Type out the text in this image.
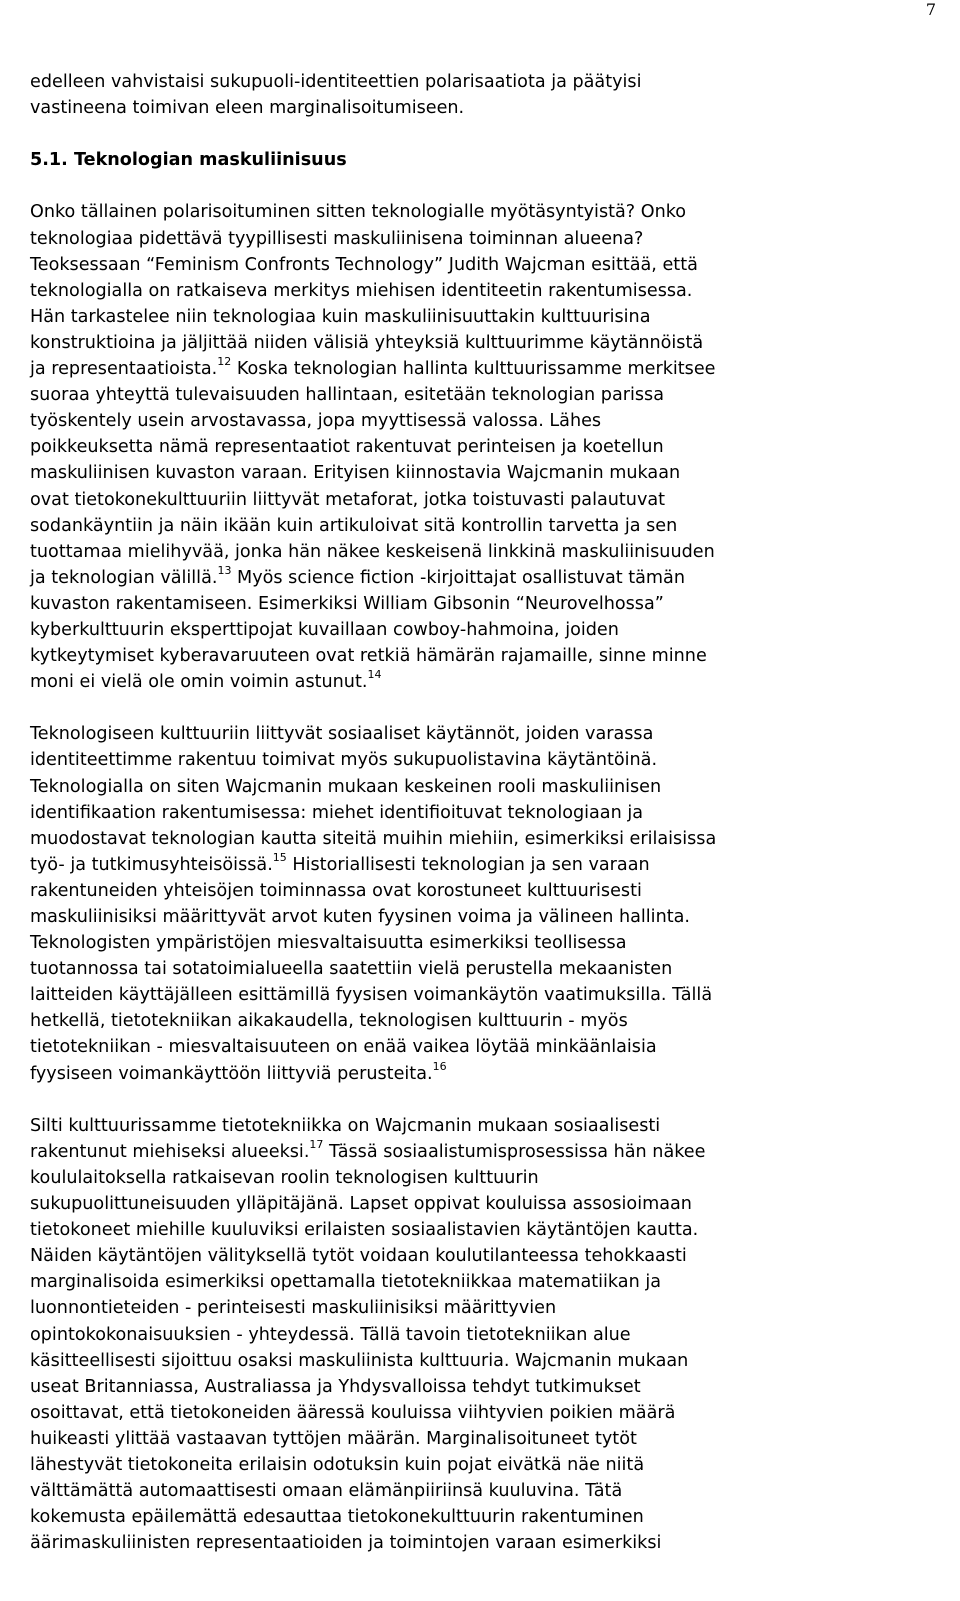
7
edelleen vahvistaisi sukupuoli-identiteettien polarisaatiota ja päätyisi
vastineena toimivan eleen marginalisoitumiseen.
5.1. Teknologian maskuliinisuus
Onko tällainen polarisoituminen sitten teknologialle myötäsyntyistä? Onko
teknologiaa pidettävä tyypillisesti maskuliinisena toiminnan alueena?
Teoksessaan “Feminism Confronts Technology” Judith Wajcman esittää, että
teknologialla on ratkaiseva merkitys miehisen identiteetin rakentumisessa.
Hän tarkastelee niin teknologiaa kuin maskuliinisuuttakin kulttuurisina
konstruktioina ja jäljittää niiden välisiä yhteyksiä kulttuurimme käytännöistä
ja representaatioista.$^{12}$ Koska teknologian hallinta kulttuurissamme merkitsee
suoraa yhteyttä tulevaisuuden hallintaan, esitetään teknologian parissa
työskentely usein arvostavassa, jopa myyttisessä valossa. Lähes
poikkeuksetta nämä representaatiot rakentuvat perinteisen ja koetellun
maskuliinisen kuvaston varaan. Erityisen kiinnostavia Wajcmanin mukaan
ovat tietokonekulttuuriin liittyvät metaforat, jotka toistuvasti palautuvat
sodankäyntiin ja näin ikään kuin artikuloivat sitä kontrollin tarvetta ja sen
tuottamaa mielihyvää, jonka hän näkee keskeisenä linkkinä maskuliinisuuden
ja teknologian välillä.$^{13}$ Myös science fiction -kirjoittajat osallistuvat tämän
kuvaston rakentamiseen. Esimerkiksi William Gibsonin “Neurovelhossa”
kyberkulttuurin eksperttipojat kuvaillaan cowboy-hahmoina, joiden
kytkeytymiset kyberavaruuteen ovat retkiä hämärän rajamaille, sinne minne
moni ei vielä ole omin voimin astunut.$^{14}$
Teknologiseen kulttuuriin liittyvät sosiaaliset käytännöt, joiden varassa
identiteettimme rakentuu toimivat myös sukupuolistavina käytäntöinä.
Teknologialla on siten Wajcmanin mukaan keskeinen rooli maskuliinisen
identifikaation rakentumisessa: miehet identifioituvat teknologiaan ja
muodostavat teknologian kautta siteitä muihin miehiin, esimerkiksi erilaisissa
työ- ja tutkimusyhteisöissä.$^{15}$ Historiallisesti teknologian ja sen varaan
rakentuneiden yhteisöjen toiminnassa ovat korostuneet kulttuurisesti
maskuliinisiksi määrittyvät arvot kuten fyysinen voima ja välineen hallinta.
Teknologisten ympäristöjen miesvaltaisuutta esimerkiksi teollisessa
tuotannossa tai sotatoimialueella saatettiin vielä perustella mekaanisten
laitteiden käyttäjälleen esittämillä fyysisen voimankäytön vaatimuksilla. Tällä
hetkellä, tietotekniikan aikakaudella, teknologisen kulttuurin - myös
tietotekniikan - miesvaltaisuuteen on enää vaikea löytää minkäänlaisia
fyysiseen voimankäyttöön liittyviä perusteita.$^{16}$
Silti kulttuurissamme tietotekniikka on Wajcmanin mukaan sosiaalisesti
rakentunut miehiseksi alueeksi.$^{17}$ Tässä sosiaalistumisprosessissa hän näkee
koululaitoksella ratkaisevan roolin teknologisen kulttuurin
sukupuolittuneisuuden ylläpitäjänä. Lapset oppivat kouluissa assosioimaan
tietokoneet miehille kuuluviksi erilaisten sosiaalistavien käytäntöjen kautta.
Näiden käytäntöjen välityksellä tytöt voidaan koulutilanteessa tehokkaasti
marginalisoida esimerkiksi opettamalla tietotekniikkaa matematiikan ja
luonnontieteiden - perinteisesti maskuliinisiksi määrittyvien
opintokokonaisuuksien - yhteydessä. Tällä tavoin tietotekniikan alue
käsitteellisesti sijoittuu osaksi maskuliinista kulttuuria. Wajcmanin mukaan
useat Britanniassa, Australiassa ja Yhdysvalloissa tehdyt tutkimukset
osoittavat, että tietokoneiden ääressä kouluissa viihtyvien poikien määrä
huikeasti ylittää vastaavan tyttöjen määrän. Marginalisoituneet tytöt
lähestyvät tietokoneita erilaisin odotuksin kuin pojat eivätkä näe niitä
välttämättä automaattisesti omaan elämänpiiriinsä kuuluvina. Tätä
kokemusta epäilemättä edesauttaa tietokonekulttuurin rakentuminen
äärimaskuliinisten representaatioiden ja toimintojen varaan esimerkiksi
